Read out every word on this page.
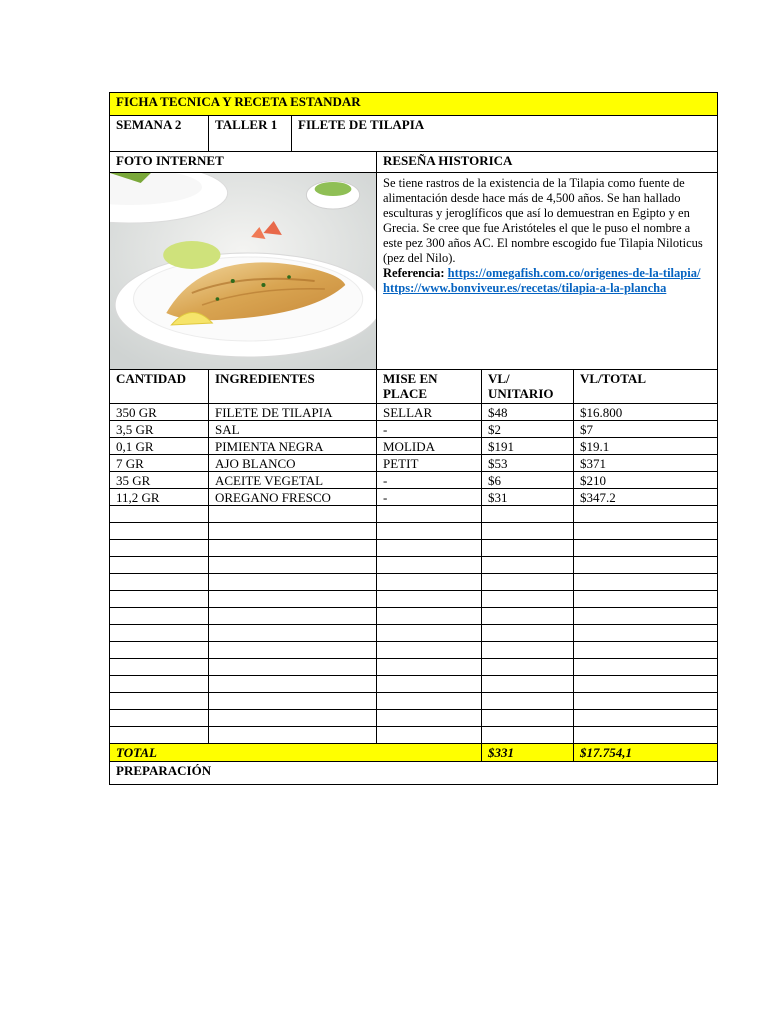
FICHA TECNICA Y RECETA ESTANDAR					
SEMANA 2	TALLER 1	FILETE DE TILAPIA			
FOTO INTERNET			RESEÑA HISTORICA		

	Se tiene rastros de la existencia de la Tilapia como fuente de alimentación desde hace más de 4,500 años. Se han hallado esculturas y jeroglíficos que así lo demuestran en Egipto y en Grecia. Se cree que fue Aristóteles el que le puso el nombre a este pez 300 años AC. El nombre escogido fue Tilapia Niloticus (pez del Nilo).
Referencia: https://omegafish.com.co/origenes-de-la-tilapia/
https://www.bonviveur.es/recetas/tilapia-a-la-plancha		
CANTIDAD	INGREDIENTES		MISE EN PLACE	VL/ UNITARIO	VL/TOTAL
350 GR	FILETE DE TILAPIA		SELLAR	$48	$16.800
3,5 GR	SAL		-	$2	$7
0,1 GR	PIMIENTA NEGRA		MOLIDA	$191	$19.1
7 GR	AJO BLANCO		PETIT	$53	$371
35 GR	ACEITE VEGETAL		-	$6	$210
11,2 GR	OREGANO FRESCO		-	$31	$347.2

TOTAL				$331	$17.754,1
PREPARACIÓN					
